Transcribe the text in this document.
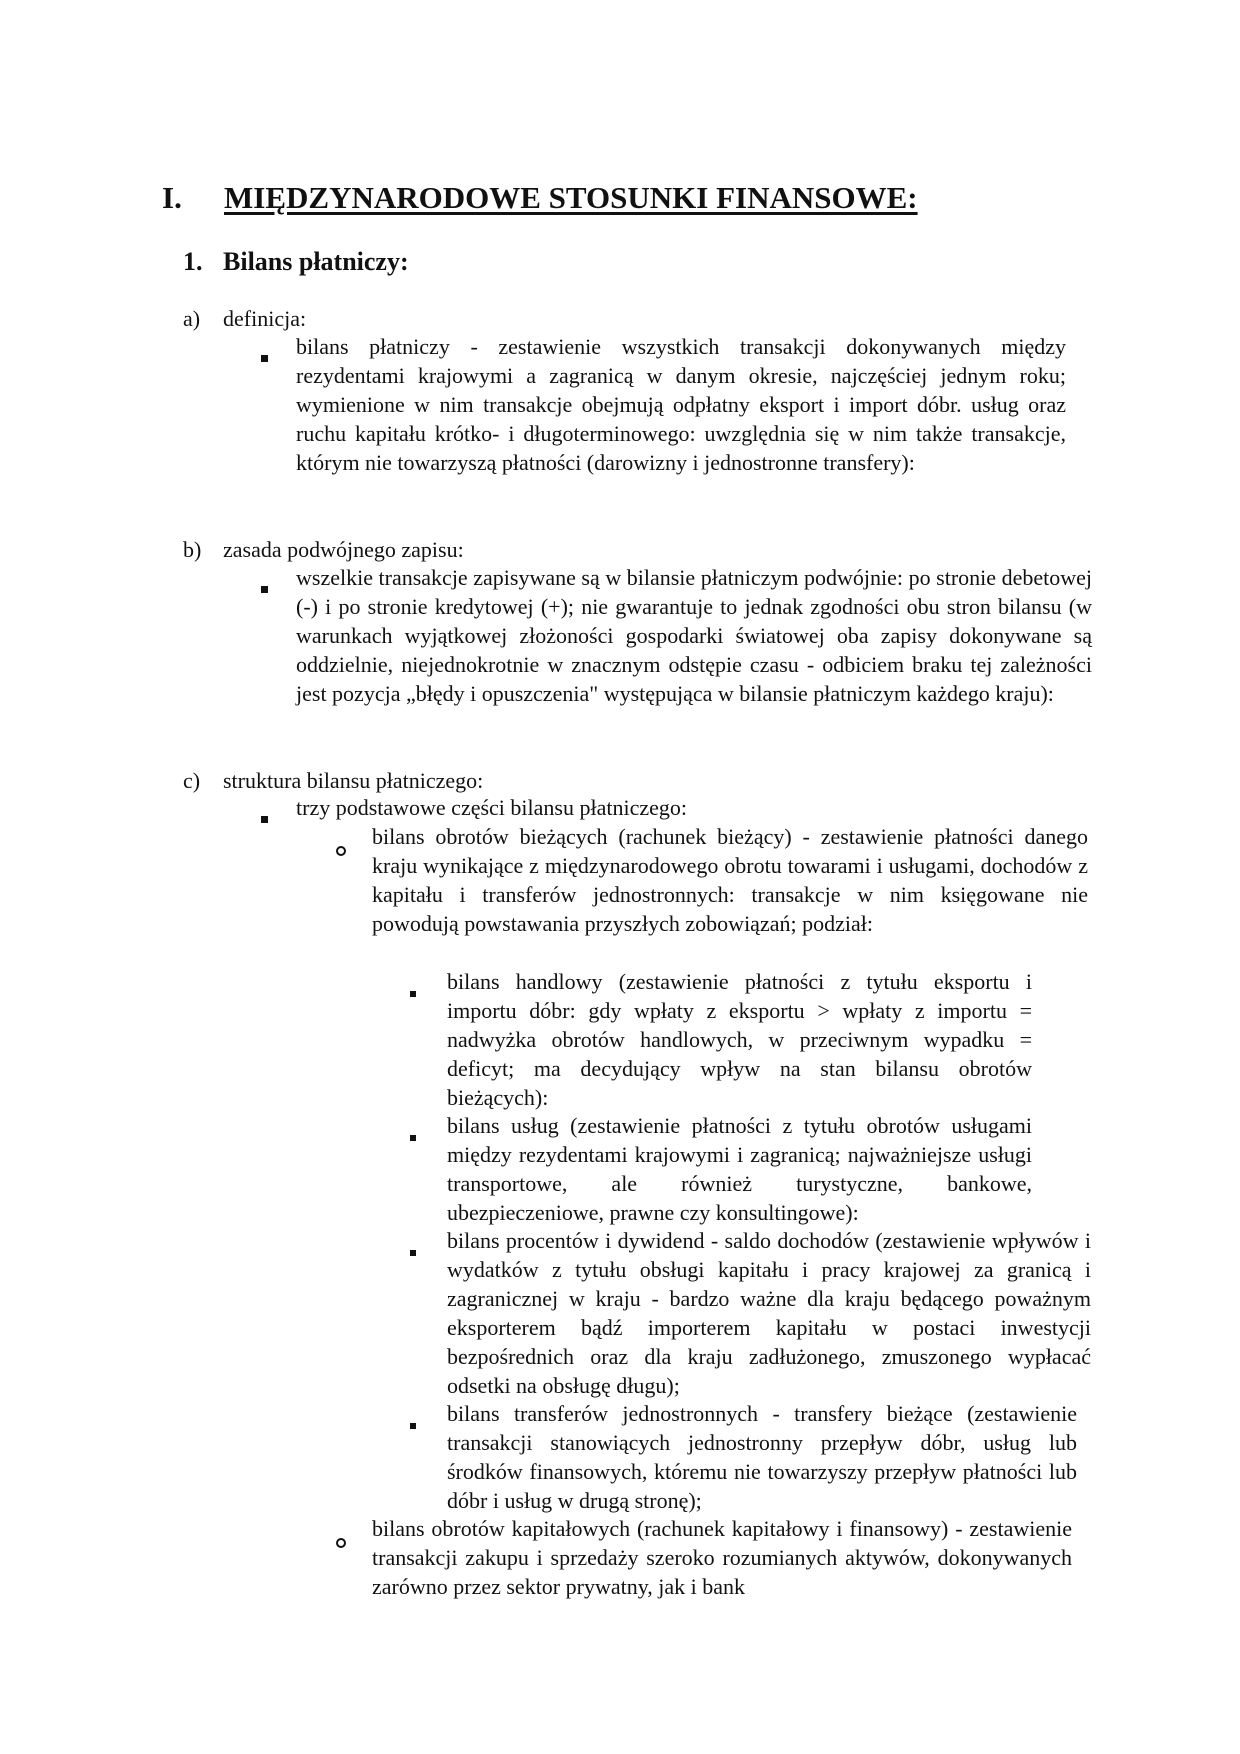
I. MIĘDZYNARODOWE STOSUNKI FINANSOWE:
1. Bilans płatniczy:
a) definicja:
bilans płatniczy - zestawienie wszystkich transakcji dokonywanych między rezydentami krajowymi a zagranicą w danym okresie, najczęściej jednym roku; wymienione w nim transakcje obejmują odpłatny eksport i import dóbr. usług oraz ruchu kapitału krótko- i długoterminowego: uwzględnia się w nim także transakcje, którym nie towarzyszą płatności (darowizny i jednostronne transfery):
b) zasada podwójnego zapisu:
wszelkie transakcje zapisywane są w bilansie płatniczym podwójnie: po stronie debetowej (-) i po stronie kredytowej (+); nie gwarantuje to jednak zgodności obu stron bilansu (w warunkach wyjątkowej złożoności gospodarki światowej oba zapisy dokonywane są oddzielnie, niejednokrotnie w znacznym odstępie czasu - odbiciem braku tej zależności jest pozycja „błędy i opuszczenia" występująca w bilansie płatniczym każdego kraju):
c) struktura bilansu płatniczego:
trzy podstawowe części bilansu płatniczego:
bilans obrotów bieżących (rachunek bieżący) - zestawienie płatności danego kraju wynikające z międzynarodowego obrotu towarami i usługami, dochodów z kapitału i transferów jednostronnych: transakcje w nim księgowane nie powodują powstawania przyszłych zobowiązań; podział:
bilans handlowy (zestawienie płatności z tytułu eksportu i importu dóbr: gdy wpłaty z eksportu > wpłaty z importu = nadwyżka obrotów handlowych, w przeciwnym wypadku = deficyt; ma decydujący wpływ na stan bilansu obrotów bieżących):
bilans usług (zestawienie płatności z tytułu obrotów usługami między rezydentami krajowymi i zagranicą; najważniejsze usługi transportowe, ale również turystyczne, bankowe, ubezpieczeniowe, prawne czy konsultingowe):
bilans procentów i dywidend - saldo dochodów (zestawienie wpływów i wydatków z tytułu obsługi kapitału i pracy krajowej za granicą i zagranicznej w kraju - bardzo ważne dla kraju będącego poważnym eksporterem bądź importerem kapitału w postaci inwestycji bezpośrednich oraz dla kraju zadłużonego, zmuszonego wypłacać odsetki na obsługę długu);
bilans transferów jednostronnych - transfery bieżące (zestawienie transakcji stanowiących jednostronny przepływ dóbr, usług lub środków finansowych, któremu nie towarzyszy przepływ płatności lub dóbr i usług w drugą stronę);
bilans obrotów kapitałowych (rachunek kapitałowy i finansowy) - zestawienie transakcji zakupu i sprzedaży szeroko rozumianych aktywów, dokonywanych zarówno przez sektor prywatny, jak i bank
